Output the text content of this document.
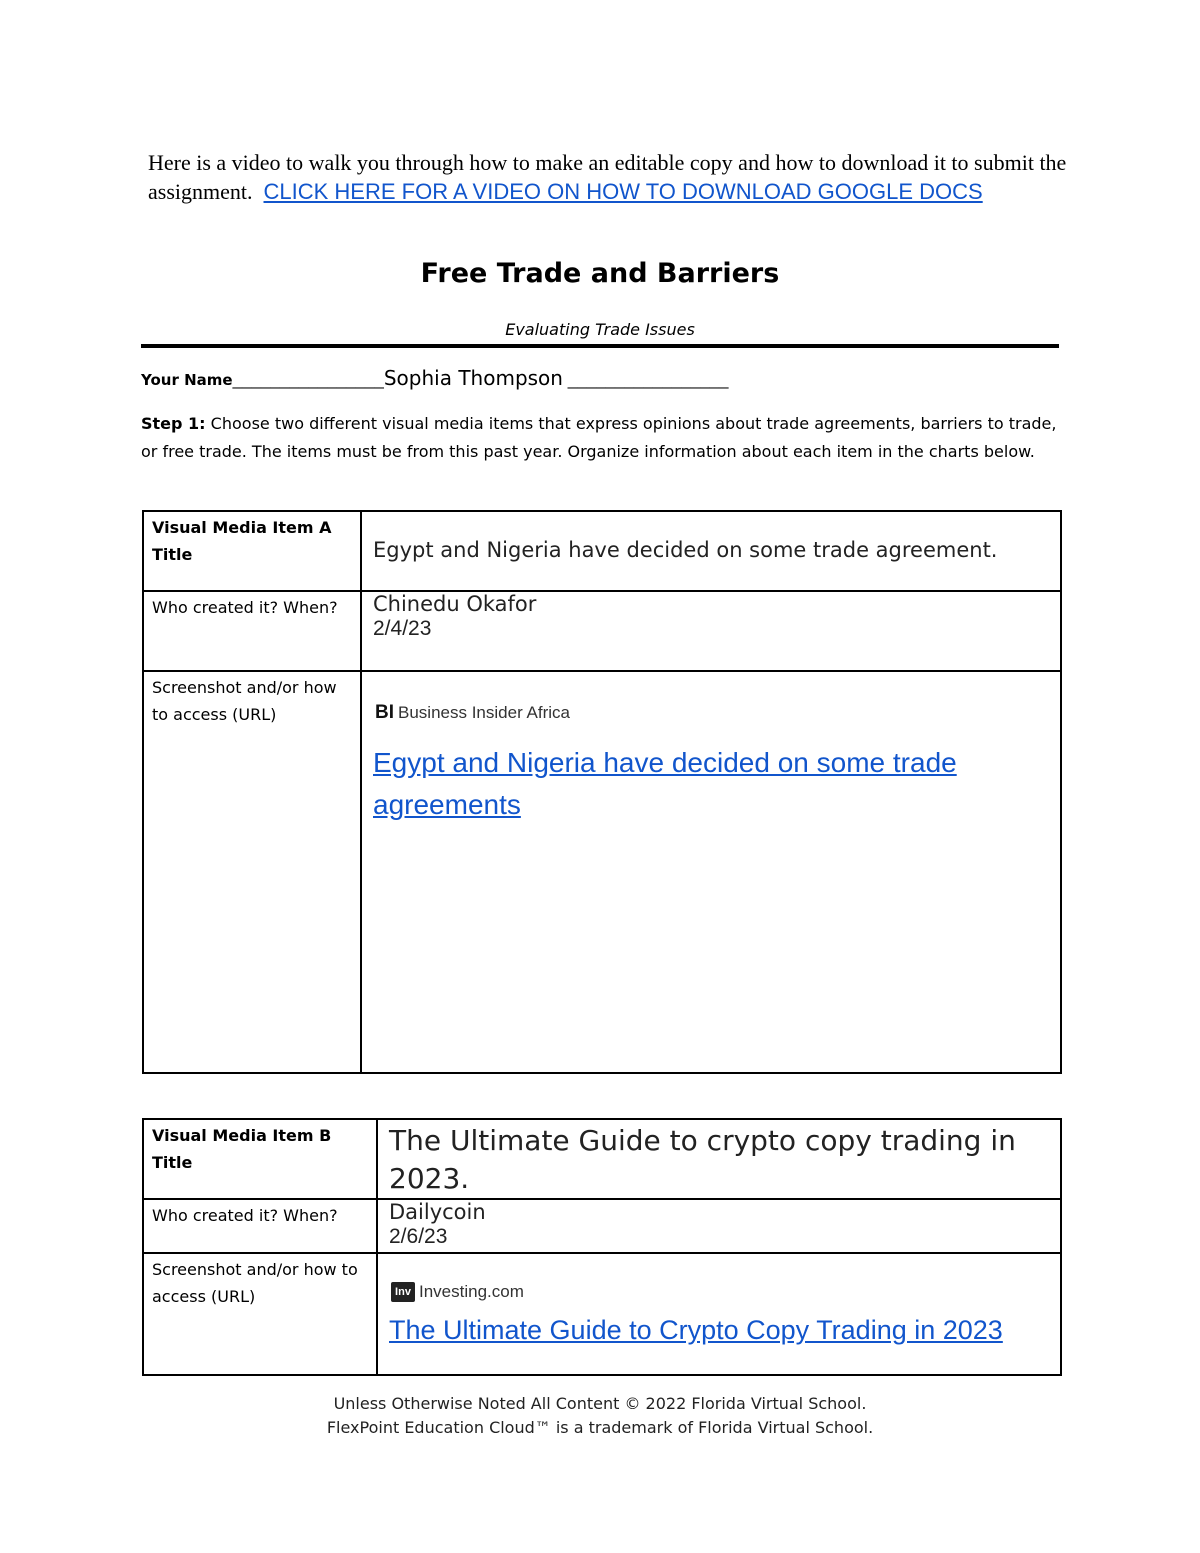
Here is a video to walk you through how to make an editable copy and how to download it to submit the assignment. CLICK HERE FOR A VIDEO ON HOW TO DOWNLOAD GOOGLE DOCS
Free Trade and Barriers
Evaluating Trade Issues
Your Name________________Sophia Thompson _________________
Step 1: Choose two different visual media items that express opinions about trade agreements, barriers to trade, or free trade. The items must be from this past year. Organize information about each item in the charts below.
Visual Media Item A Title	Egypt and Nigeria have decided on some trade agreement.

Who created it? When?	Chinedu Okafor
2/4/23

Screenshot and/or how to access (URL)	BI Business Insider Africa
Egypt and Nigeria have decided on some trade agreements
Visual Media Item B Title	The Ultimate Guide to crypto copy trading in 2023.

Who created it? When?	Dailycoin
2/6/23

Screenshot and/or how to access (URL)	Inv Investing.com
The Ultimate Guide to Crypto Copy Trading in 2023
Unless Otherwise Noted All Content © 2022 Florida Virtual School.
FlexPoint Education Cloud™ is a trademark of Florida Virtual School.
